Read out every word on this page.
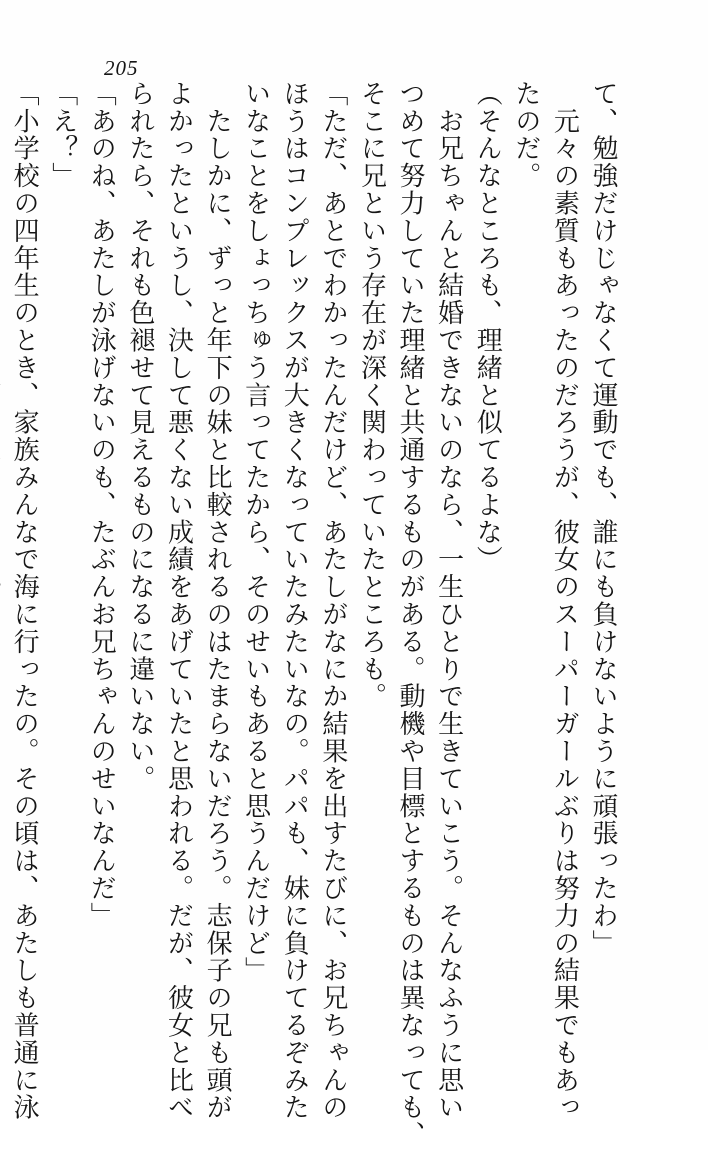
205
て、勉強だけじゃなくて運動でも、誰にも負けないように頑張ったわ」
　元々の素質もあったのだろうが、彼女のスーパーガールぶりは努力の結果でもあっ
たのだ。
（そんなところも、理緒と似てるよな）
　お兄ちゃんと結婚できないのなら、一生ひとりで生きていこう。そんなふうに思い
つめて努力していた理緒と共通するものがある。動機や目標とするものは異なっても、
そこに兄という存在が深く関わっていたところも。
「ただ、あとでわかったんだけど、あたしがなにか結果を出すたびに、お兄ちゃんの
ほうはコンプレックスが大きくなっていたみたいなの。パパも、妹に負けてるぞみた
いなことをしょっちゅう言ってたから、そのせいもあると思うんだけど」
　たしかに、ずっと年下の妹と比較されるのはたまらないだろう。志保子の兄も頭が
よかったというし、決して悪くない成績をあげていたと思われる。だが、彼女と比べ
られたら、それも色褪せて見えるものになるに違いない。
「あのね、あたしが泳げないのも、たぶんお兄ちゃんのせいなんだ」
「え？」
「小学校の四年生のとき、家族みんなで海に行ったの。その頃は、あたしも普通に泳
